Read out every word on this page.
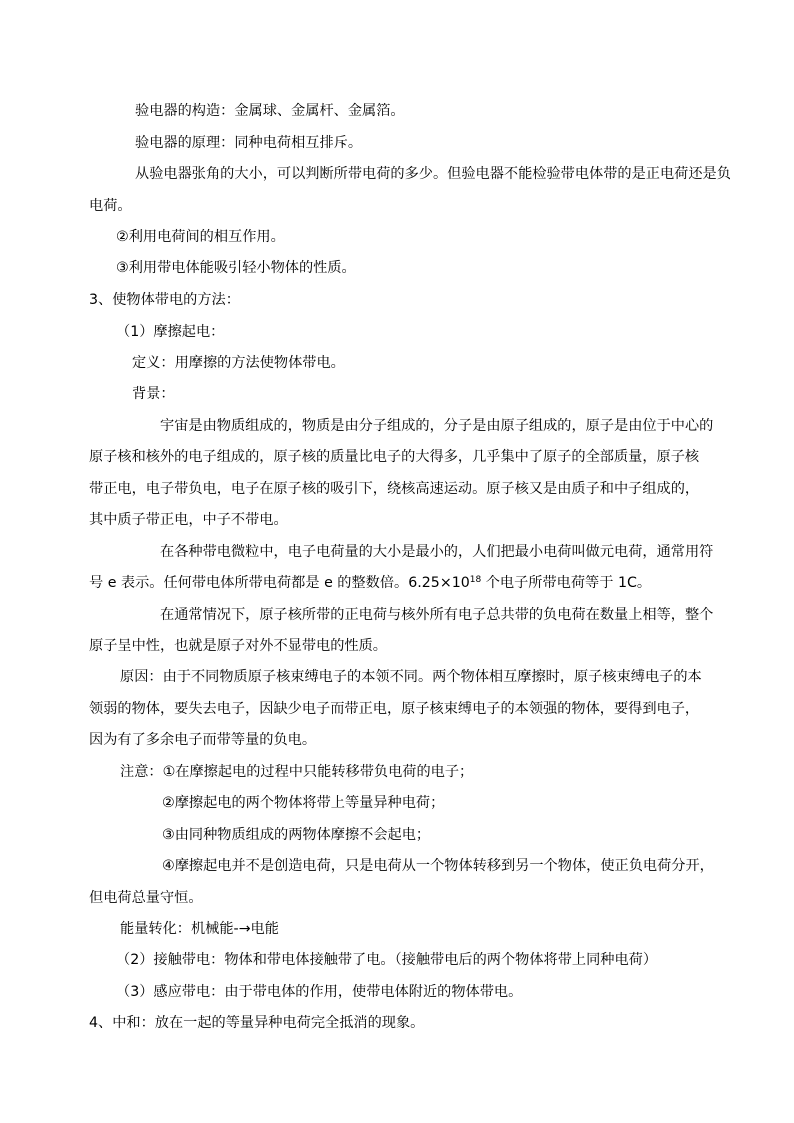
验电器的构造：金属球、金属杆、金属箔。
验电器的原理：同种电荷相互排斥。
从验电器张角的大小，可以判断所带电荷的多少。但验电器不能检验带电体带的是正电荷还是负
电荷。
②利用电荷间的相互作用。
③利用带电体能吸引轻小物体的性质。
3、使物体带电的方法：
（1）摩擦起电：
定义：用摩擦的方法使物体带电。
背景：
宇宙是由物质组成的，物质是由分子组成的，分子是由原子组成的，原子是由位于中心的
原子核和核外的电子组成的，原子核的质量比电子的大得多，几乎集中了原子的全部质量，原子核
带正电，电子带负电，电子在原子核的吸引下，绕核高速运动。原子核又是由质子和中子组成的，
其中质子带正电，中子不带电。
在各种带电微粒中，电子电荷量的大小是最小的，人们把最小电荷叫做元电荷，通常用符
号 e 表示。任何带电体所带电荷都是 e 的整数倍。$6.25\times 10^{18}$ 个电子所带电荷等于 1C。
在通常情况下，原子核所带的正电荷与核外所有电子总共带的负电荷在数量上相等，整个
原子呈中性，也就是原子对外不显带电的性质。
原因：由于不同物质原子核束缚电子的本领不同。两个物体相互摩擦时，原子核束缚电子的本
领弱的物体，要失去电子，因缺少电子而带正电，原子核束缚电子的本领强的物体，要得到电子，
因为有了多余电子而带等量的负电。
注意：①在摩擦起电的过程中只能转移带负电荷的电子；
②摩擦起电的两个物体将带上等量异种电荷；
③由同种物质组成的两物体摩擦不会起电；
④摩擦起电并不是创造电荷，只是电荷从一个物体转移到另一个物体，使正负电荷分开，
但电荷总量守恒。
能量转化：机械能-→电能
（2）接触带电：物体和带电体接触带了电。（接触带电后的两个物体将带上同种电荷）
（3）感应带电：由于带电体的作用，使带电体附近的物体带电。
4、中和：放在一起的等量异种电荷完全抵消的现象。
